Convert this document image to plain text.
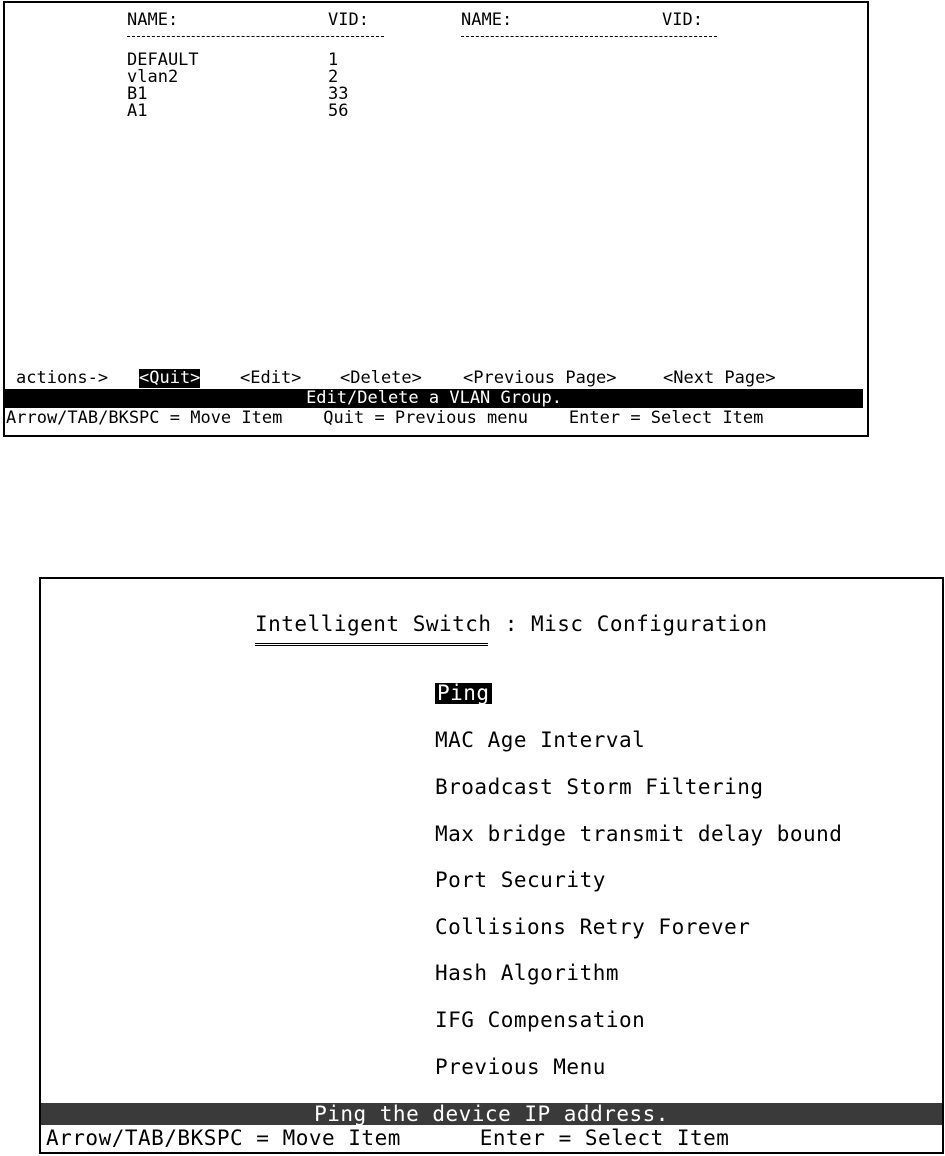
NAME:	VID:	NAME:	VID:
DEFAULT	1
vlan2	2
B1	33
A1	56
actions-> <Quit> <Edit> <Delete> <Previous Page>	<Next Page>
Edit/Delete a VLAN Group.
Arrow/TAB/BKSPC = Move Item    Quit = Previous menu    Enter = Select Item
Intelligent Switch : Misc Configuration
Ping
MAC Age Interval
Broadcast Storm Filtering
Max bridge transmit delay bound
Port Security
Collisions Retry Forever
Hash Algorithm
IFG Compensation
Previous Menu
Ping the device IP address.
Arrow/TAB/BKSPC = Move Item      Enter = Select Item
